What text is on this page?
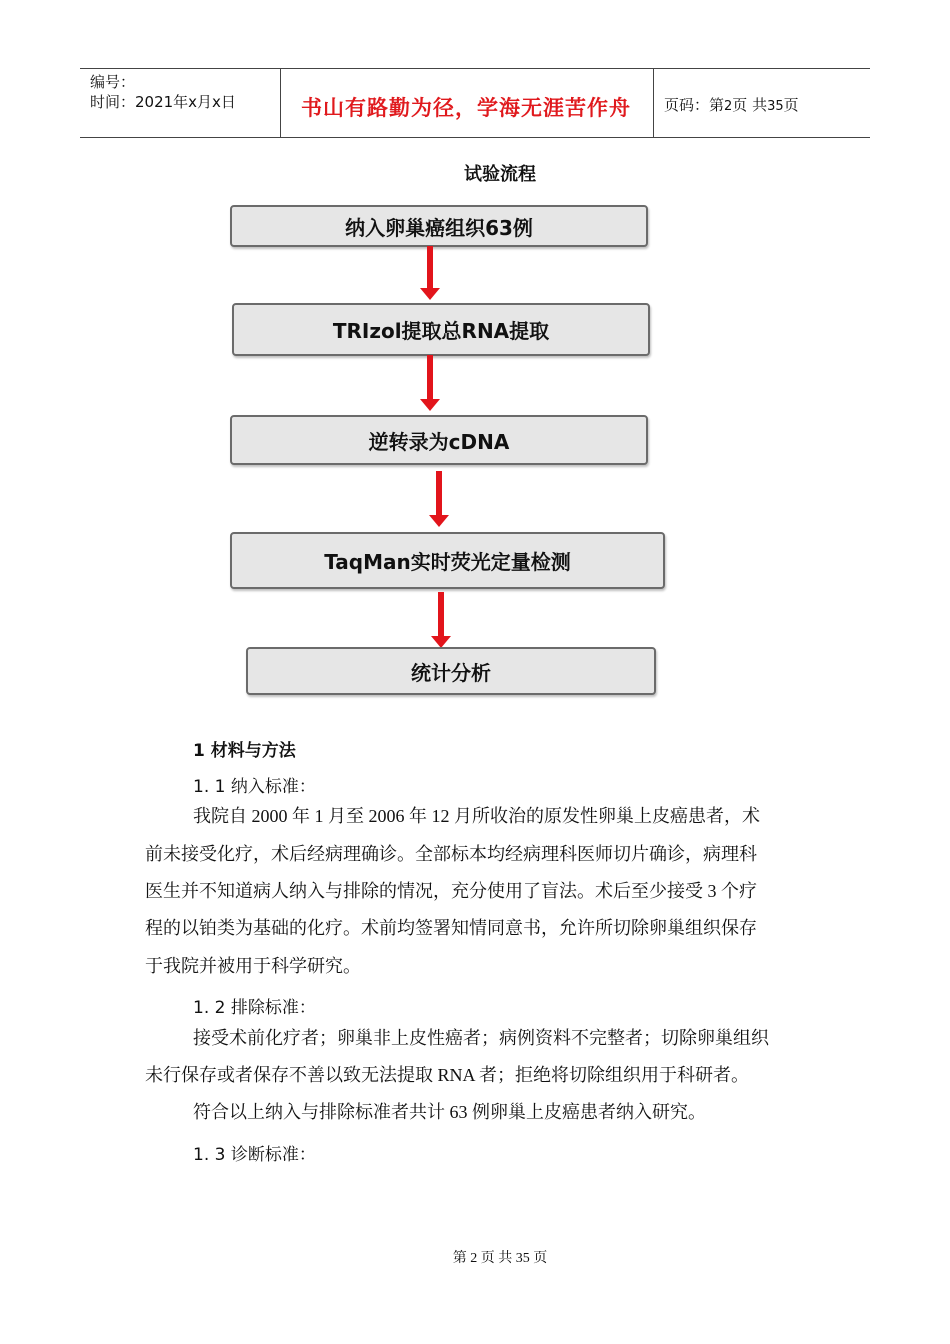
编号：
时间：2021年x月x日	书山有路勤为径，学海无涯苦作舟 页码：第2页 共35页
试验流程
纳入卵巢癌组织63例
TRIzol提取总RNA提取
逆转录为cDNA
TaqMan实时荧光定量检测
统计分析
1 材料与方法
1. 1 纳入标准：
我院自 2000 年 1 月至 2006 年 12 月所收治的原发性卵巢上皮癌患者，术
前未接受化疗，术后经病理确诊。全部标本均经病理科医师切片确诊，病理科
医生并不知道病人纳入与排除的情况，充分使用了盲法。术后至少接受 3 个疗
程的以铂类为基础的化疗。术前均签署知情同意书，允许所切除卵巢组织保存
于我院并被用于科学研究。
1. 2 排除标准：
接受术前化疗者；卵巢非上皮性癌者；病例资料不完整者；切除卵巢组织
未行保存或者保存不善以致无法提取 RNA 者；拒绝将切除组织用于科研者。
符合以上纳入与排除标准者共计 63 例卵巢上皮癌患者纳入研究。
1. 3 诊断标准：
第 2 页 共 35 页
